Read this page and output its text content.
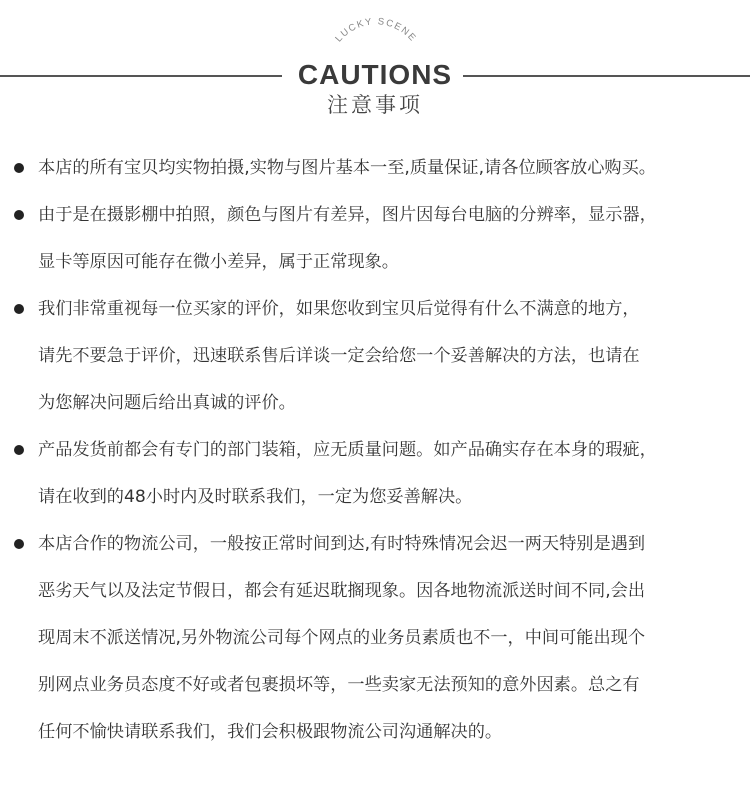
LUCKY SCENE
CAUTIONS
注意事项
本店的所有宝贝均实物拍摄,实物与图片基本一至,质量保证,请各位顾客放心购买。
由于是在摄影棚中拍照，颜色与图片有差异，图片因每台电脑的分辨率，显示器，
显卡等原因可能存在微小差异，属于正常现象。
我们非常重视每一位买家的评价，如果您收到宝贝后觉得有什么不满意的地方，
请先不要急于评价，迅速联系售后详谈一定会给您一个妥善解决的方法，也请在
为您解决问题后给出真诚的评价。
产品发货前都会有专门的部门装箱，应无质量问题。如产品确实存在本身的瑕疵，
请在收到的48小时内及时联系我们，一定为您妥善解决。
本店合作的物流公司，一般按正常时间到达,有时特殊情况会迟一两天特别是遇到
恶劣天气以及法定节假日，都会有延迟耽搁现象。因各地物流派送时间不同,会出
现周末不派送情况,另外物流公司每个网点的业务员素质也不一，中间可能出现个
别网点业务员态度不好或者包裹损坏等，一些卖家无法预知的意外因素。总之有
任何不愉快请联系我们，我们会积极跟物流公司沟通解决的。
